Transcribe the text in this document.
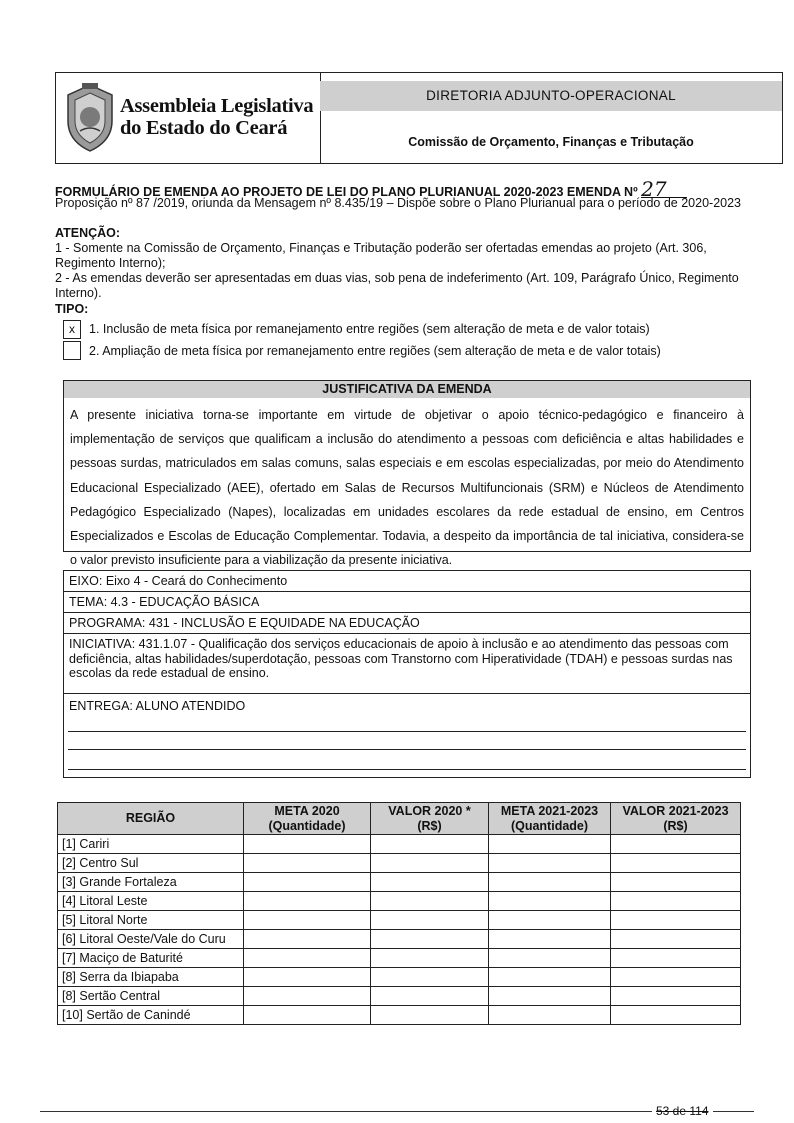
Assembleia Legislativa
do Estado do Ceará
DIRETORIA ADJUNTO-OPERACIONAL
Comissão de Orçamento, Finanças e Tributação
FORMULÁRIO DE EMENDA AO PROJETO DE LEI DO PLANO PLURIANUAL 2020-2023 EMENDA Nº 27
Proposição nº 87 /2019, oriunda da Mensagem nº 8.435/19 – Dispõe sobre o Plano Plurianual para o período de 2020-2023
ATENÇÃO:
1 - Somente na Comissão de Orçamento, Finanças e Tributação poderão ser ofertadas emendas ao projeto (Art. 306, Regimento Interno);
2 - As emendas deverão ser apresentadas em duas vias, sob pena de indeferimento (Art. 109, Parágrafo Único, Regimento Interno).
TIPO:
x	1. Inclusão de meta física por remanejamento entre regiões (sem alteração de meta e de valor totais)
2. Ampliação de meta física por remanejamento entre regiões (sem alteração de meta e de valor totais)
JUSTIFICATIVA DA EMENDA
A presente iniciativa torna-se importante em virtude de objetivar o apoio técnico-pedagógico e financeiro à implementação de serviços que qualificam a inclusão do atendimento a pessoas com deficiência e altas habilidades e pessoas surdas, matriculados em salas comuns, salas especiais e em escolas especializadas, por meio do Atendimento Educacional Especializado (AEE), ofertado em Salas de Recursos Multifuncionais (SRM) e Núcleos de Atendimento Pedagógico Especializado (Napes), localizadas em unidades escolares da rede estadual de ensino, em Centros Especializados e Escolas de Educação Complementar. Todavia, a despeito da importância de tal iniciativa, considera-se o valor previsto insuficiente para a viabilização da presente iniciativa.
EIXO: Eixo 4 - Ceará do Conhecimento
TEMA: 4.3 - EDUCAÇÃO BÁSICA
PROGRAMA: 431 - INCLUSÃO E EQUIDADE NA EDUCAÇÃO
INICIATIVA: 431.1.07 - Qualificação dos serviços educacionais de apoio à inclusão e ao atendimento das pessoas com deficiência, altas habilidades/superdotação, pessoas com Transtorno com Hiperatividade (TDAH) e pessoas surdas nas escolas da rede estadual de ensino.
ENTREGA: ALUNO ATENDIDO
REGIÃO	META 2020 (Quantidade)	VALOR 2020 * (R$)	META 2021-2023 (Quantidade)	VALOR 2021-2023 (R$)
[1] Cariri				
[2] Centro Sul				
[3] Grande Fortaleza				
[4] Litoral Leste				
[5] Litoral Norte				
[6] Litoral Oeste/Vale do Curu				
[7] Maciço de Baturité				
[8] Serra da Ibiapaba				
[8] Sertão Central				
[10] Sertão de Canindé				
53 de 114
